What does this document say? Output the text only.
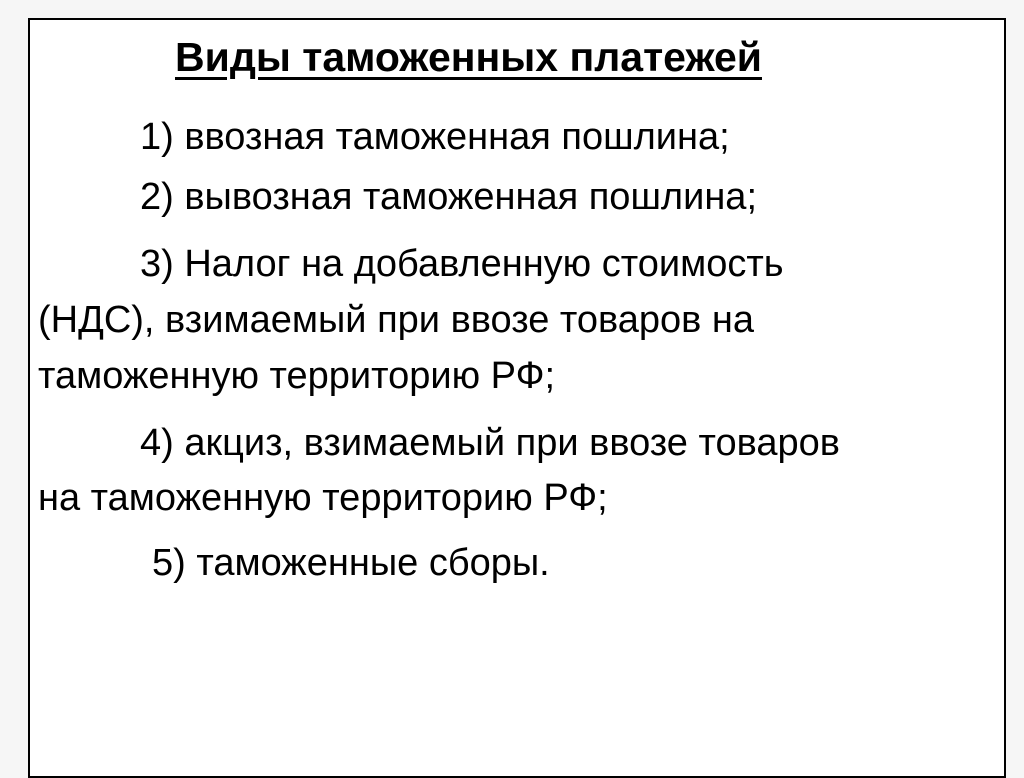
Виды таможенных платежей
1) ввозная таможенная пошлина;
2) вывозная таможенная пошлина;
3) Налог на добавленную стоимость
(НДС), взимаемый при ввозе товаров на
таможенную территорию РФ;
4) акциз, взимаемый при ввозе товаров
на таможенную территорию РФ;
5) таможенные сборы.
